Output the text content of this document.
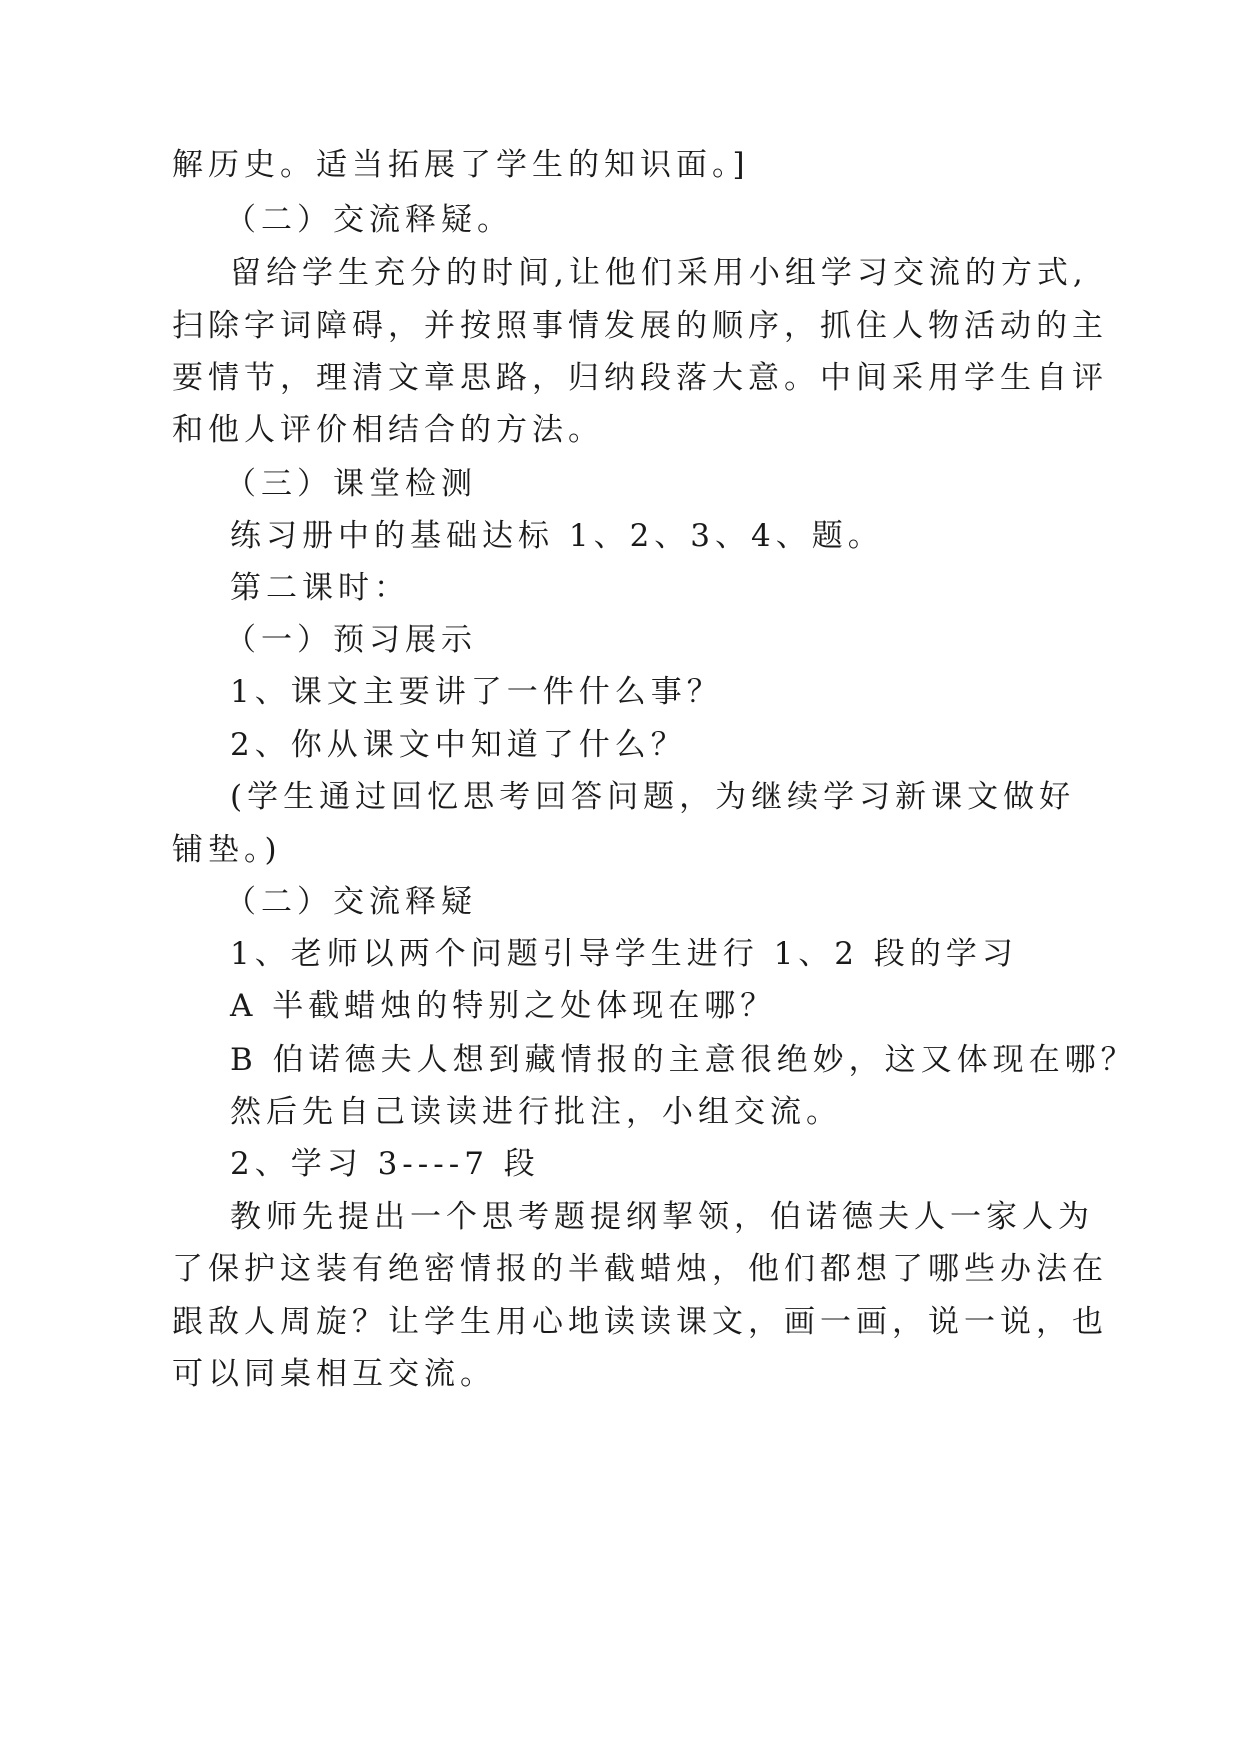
解历史。适当拓展了学生的知识面。]
（二）交流释疑。
留给学生充分的时间,让他们采用小组学习交流的方式,
扫除字词障碍，并按照事情发展的顺序，抓住人物活动的主
要情节，理清文章思路，归纳段落大意。中间采用学生自评
和他人评价相结合的方法。
（三）课堂检测
练习册中的基础达标 1、2、3、4、题。
第二课时：
（一）预习展示
1、课文主要讲了一件什么事？
2、你从课文中知道了什么？
(学生通过回忆思考回答问题，为继续学习新课文做好
铺垫。)
（二）交流释疑
1、老师以两个问题引导学生进行 1、2 段的学习
A 半截蜡烛的特别之处体现在哪？
B 伯诺德夫人想到藏情报的主意很绝妙，这又体现在哪？
然后先自己读读进行批注，小组交流。
2、学习 3----7 段
教师先提出一个思考题提纲挈领，伯诺德夫人一家人为
了保护这装有绝密情报的半截蜡烛，他们都想了哪些办法在
跟敌人周旋？让学生用心地读读课文，画一画，说一说，也
可以同桌相互交流。
